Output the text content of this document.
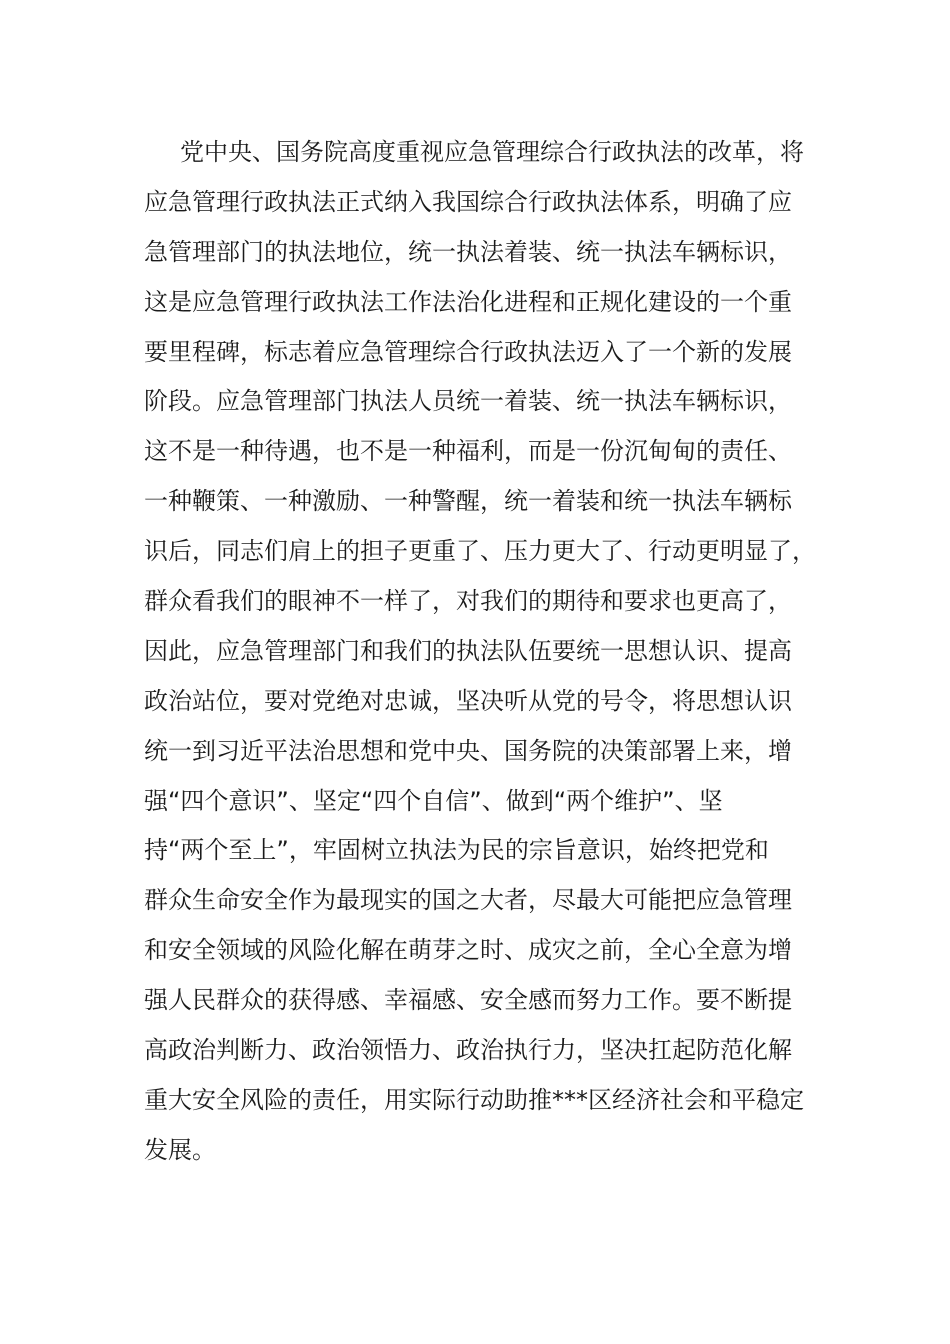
党中央、国务院高度重视应急管理综合行政执法的改革，将
应急管理行政执法正式纳入我国综合行政执法体系，明确了应
急管理部门的执法地位，统一执法着装、统一执法车辆标识，
这是应急管理行政执法工作法治化进程和正规化建设的一个重
要里程碑，标志着应急管理综合行政执法迈入了一个新的发展
阶段。应急管理部门执法人员统一着装、统一执法车辆标识，
这不是一种待遇，也不是一种福利，而是一份沉甸甸的责任、
一种鞭策、一种激励、一种警醒，统一着装和统一执法车辆标
识后，同志们肩上的担子更重了、压力更大了、行动更明显了，
群众看我们的眼神不一样了，对我们的期待和要求也更高了，
因此，应急管理部门和我们的执法队伍要统一思想认识、提高
政治站位，要对党绝对忠诚，坚决听从党的号令，将思想认识
统一到习近平法治思想和党中央、国务院的决策部署上来，增
强“四个意识”、坚定“四个自信”、做到“两个维护”、坚
持“两个至上”，牢固树立执法为民的宗旨意识，始终把党和
群众生命安全作为最现实的国之大者，尽最大可能把应急管理
和安全领域的风险化解在萌芽之时、成灾之前，全心全意为增
强人民群众的获得感、幸福感、安全感而努力工作。要不断提
高政治判断力、政治领悟力、政治执行力，坚决扛起防范化解
重大安全风险的责任，用实际行动助推***区经济社会和平稳定
发展。
